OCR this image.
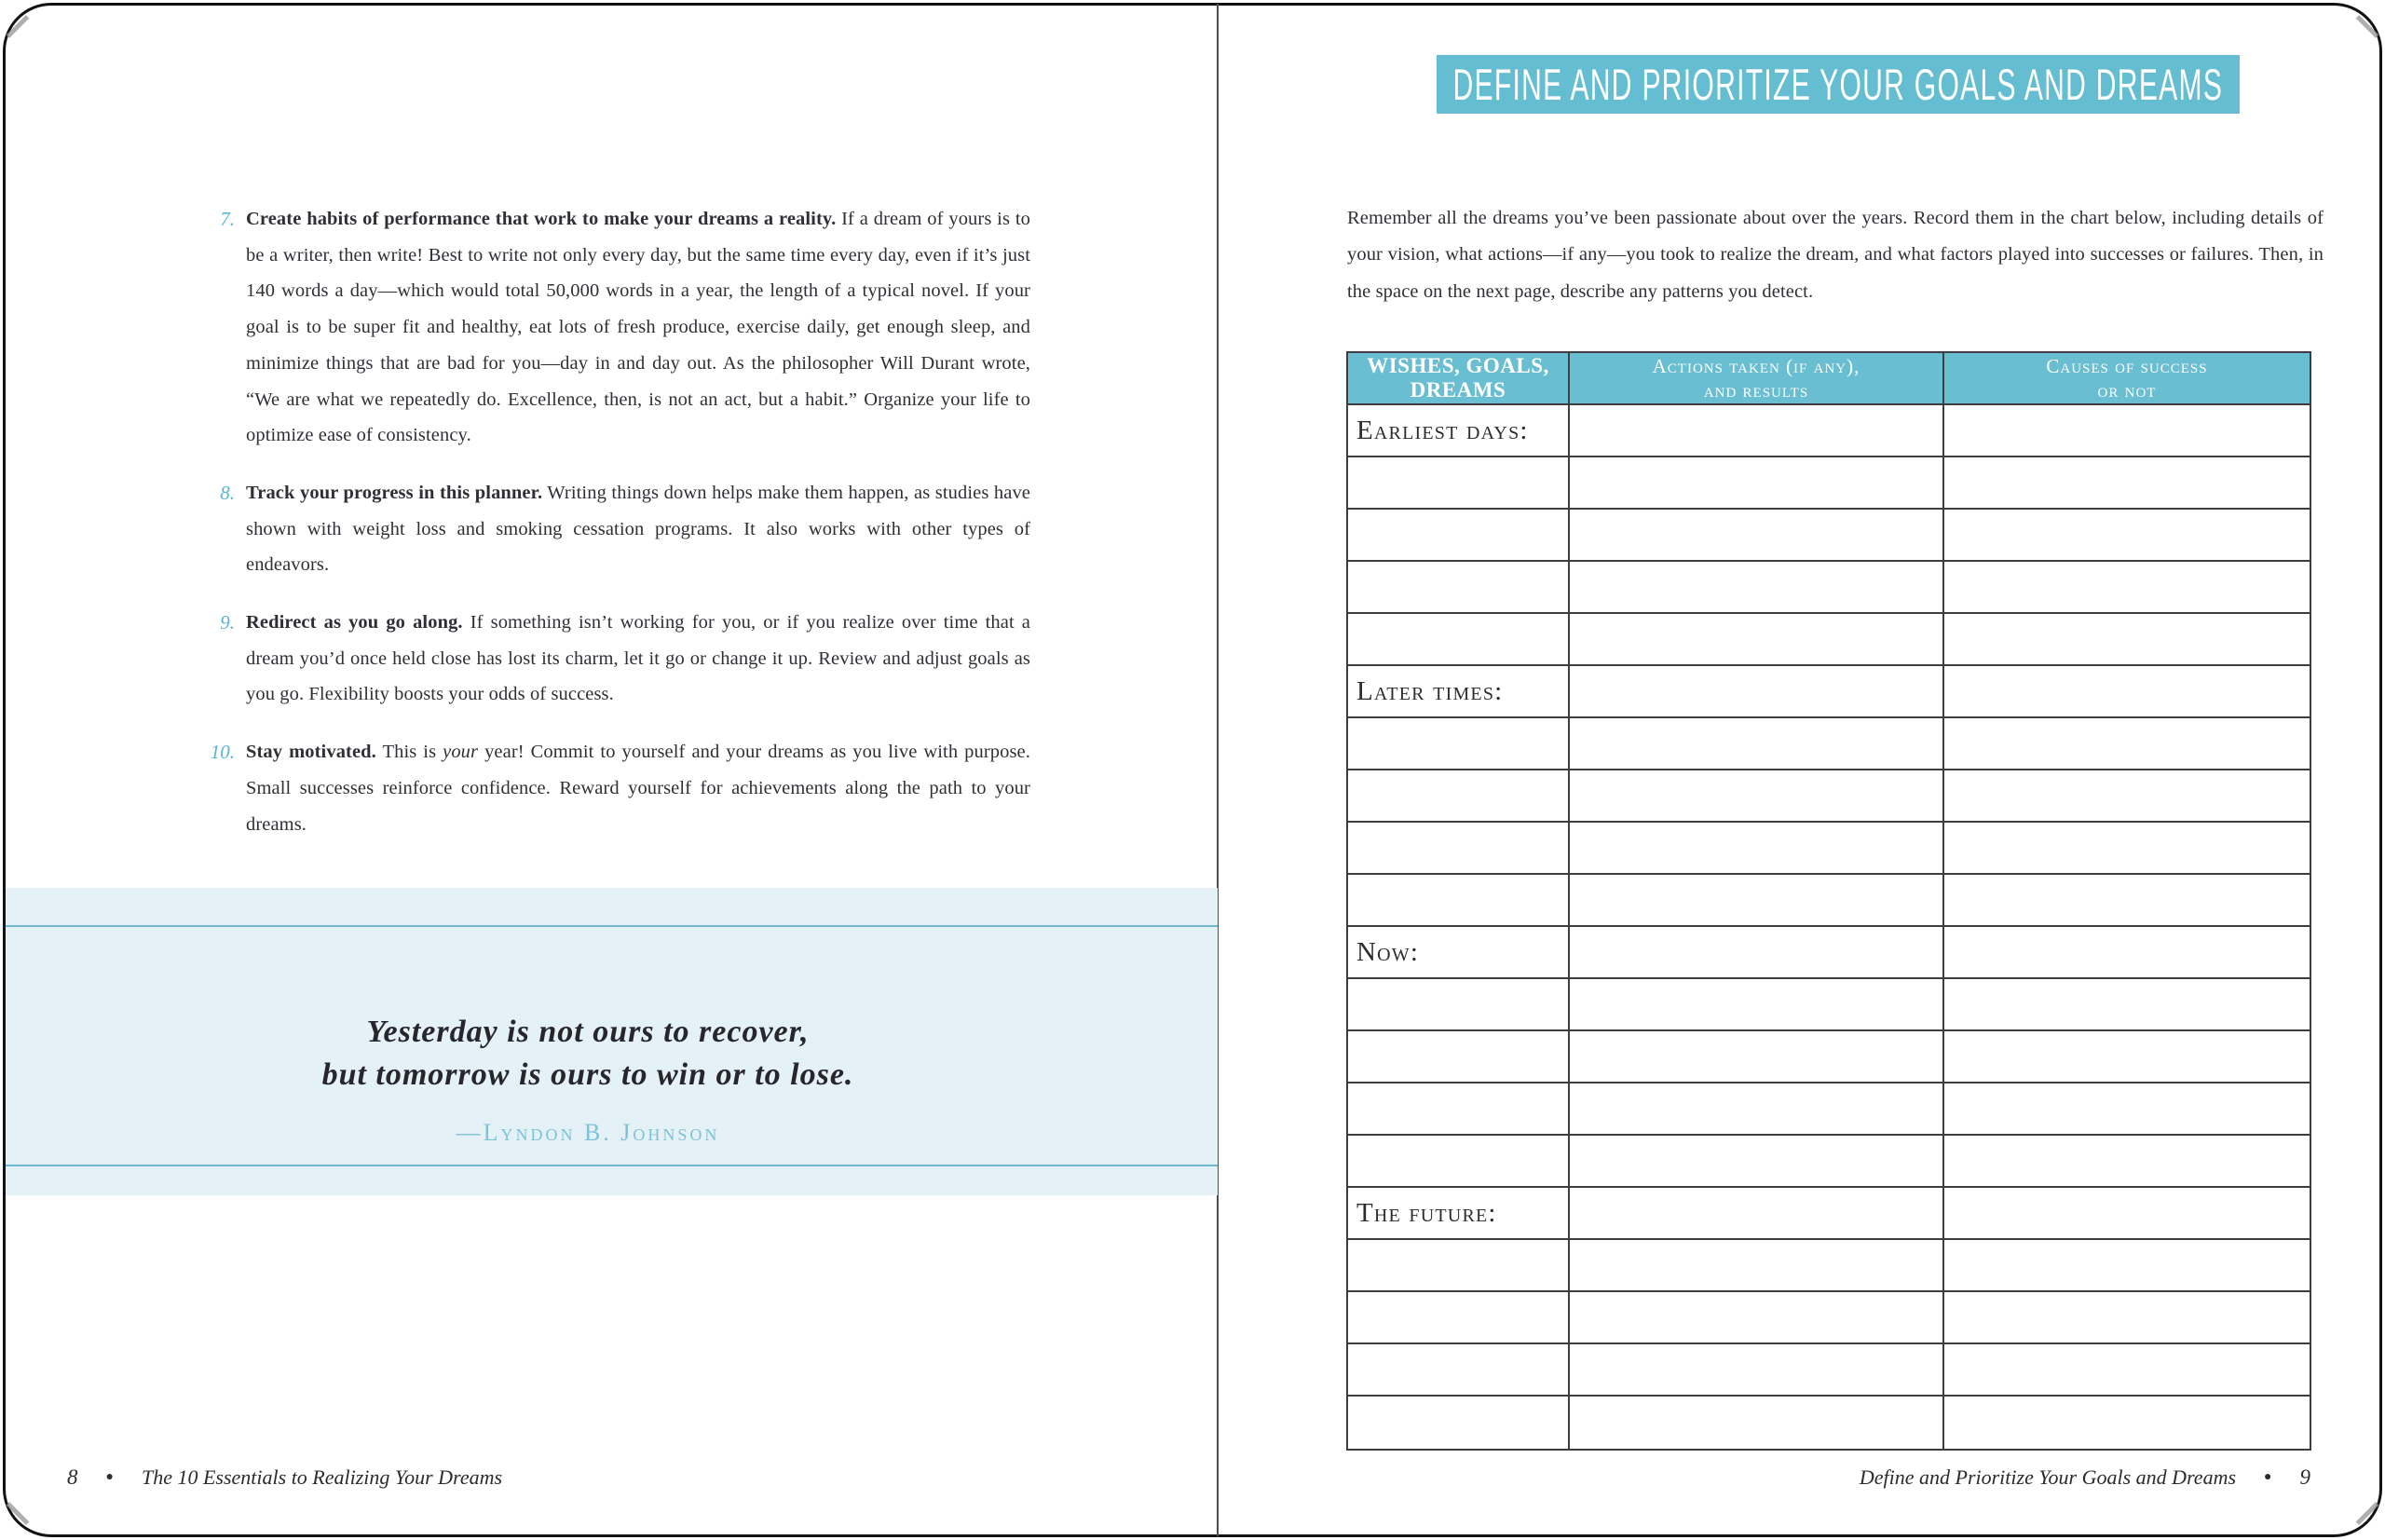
7. Create habits of performance that work to make your dreams a reality. If a dream of yours is to be a writer, then write! Best to write not only every day, but the same time every day, even if it’s just 140 words a day—which would total 50,000 words in a year, the length of a typical novel. If your goal is to be super fit and healthy, eat lots of fresh produce, exercise daily, get enough sleep, and minimize things that are bad for you—day in and day out. As the philosopher Will Durant wrote, “We are what we repeatedly do. Excellence, then, is not an act, but a habit.” Organize your life to optimize ease of consistency.
8. Track your progress in this planner. Writing things down helps make them happen, as studies have shown with weight loss and smoking cessation programs. It also works with other types of endeavors.
9. Redirect as you go along. If something isn’t working for you, or if you realize over time that a dream you’d once held close has lost its charm, let it go or change it up. Review and adjust goals as you go. Flexibility boosts your odds of success.
10. Stay motivated. This is your year! Commit to yourself and your dreams as you live with purpose. Small successes reinforce confidence. Reward yourself for achievements along the path to your dreams.
Yesterday is not ours to recover,
but tomorrow is ours to win or to lose.
—Lyndon B. Johnson
8 ● The 10 Essentials to Realizing Your Dreams
DEFINE AND PRIORITIZE YOUR GOALS AND DREAMS
Remember all the dreams you’ve been passionate about over the years. Record them in the chart below, including details of your vision, what actions—if any—you took to realize the dream, and what factors played into successes or failures. Then, in the space on the next page, describe any patterns you detect.
WISHES, GOALS,
DREAMS
Actions taken (if any),
and results
Causes of success
or not
Earliest days:
Later times:
Now:
The future:
Define and Prioritize Your Goals and Dreams ● 9
